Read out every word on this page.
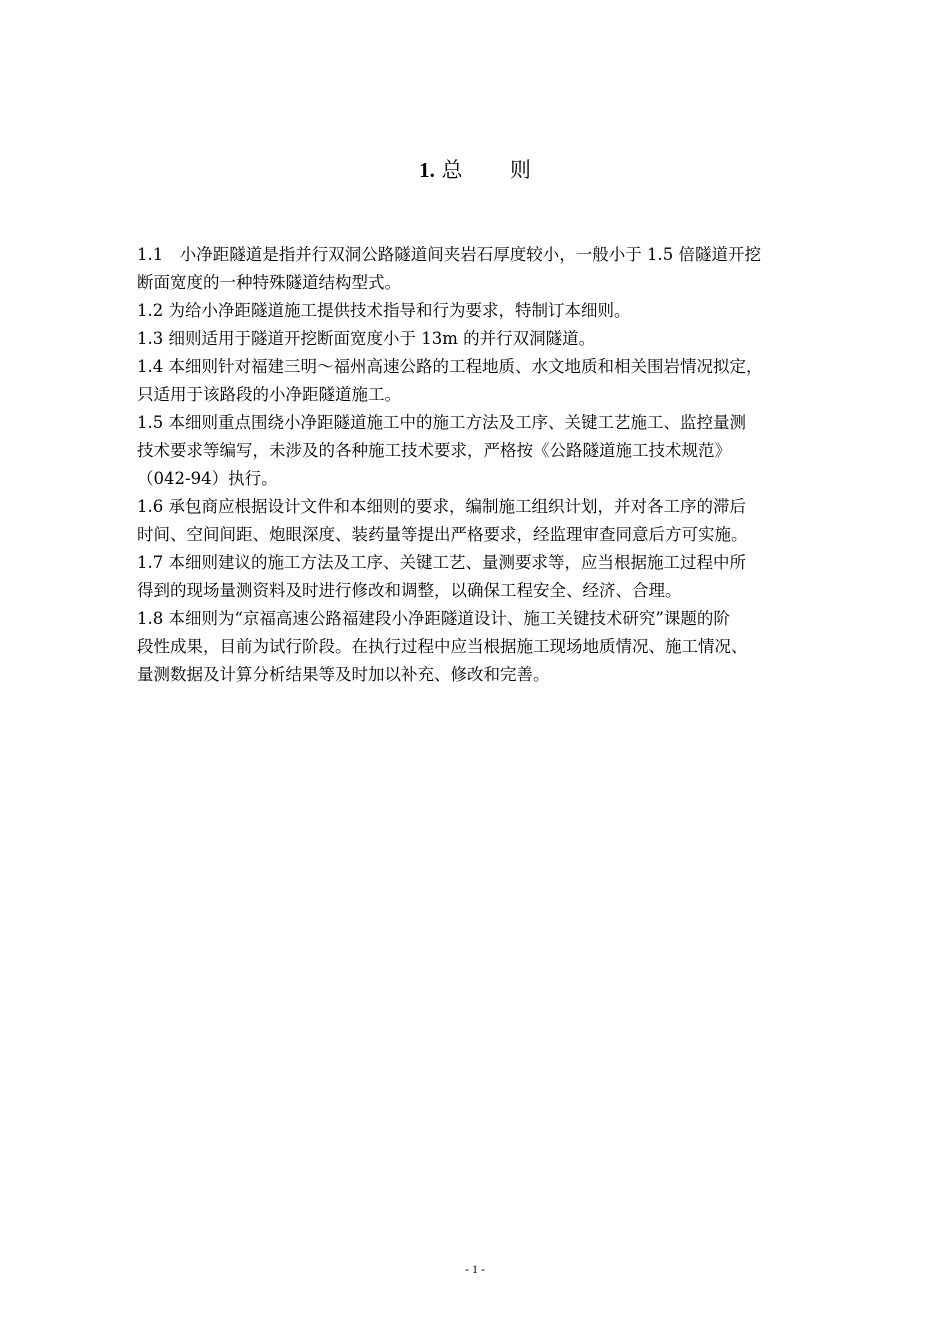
1. 总 则

1.1　小净距隧道是指并行双洞公路隧道间夹岩石厚度较小，一般小于 1.5 倍隧道开挖
断面宽度的一种特殊隧道结构型式。

1.2 为给小净距隧道施工提供技术指导和行为要求，特制订本细则。

1.3 细则适用于隧道开挖断面宽度小于 13m 的并行双洞隧道。

1.4 本细则针对福建三明～福州高速公路的工程地质、水文地质和相关围岩情况拟定，
只适用于该路段的小净距隧道施工。

1.5 本细则重点围绕小净距隧道施工中的施工方法及工序、关键工艺施工、监控量测
技术要求等编写，未涉及的各种施工技术要求，严格按《公路隧道施工技术规范》
（042-94）执行。

1.6 承包商应根据设计文件和本细则的要求，编制施工组织计划，并对各工序的滞后
时间、空间间距、炮眼深度、装药量等提出严格要求，经监理审查同意后方可实施。

1.7 本细则建议的施工方法及工序、关键工艺、量测要求等，应当根据施工过程中所
得到的现场量测资料及时进行修改和调整，以确保工程安全、经济、合理。

1.8 本细则为“京福高速公路福建段小净距隧道设计、施工关键技术研究”课题的阶
段性成果，目前为试行阶段。在执行过程中应当根据施工现场地质情况、施工情况、
量测数据及计算分析结果等及时加以补充、修改和完善。

- 1 -
